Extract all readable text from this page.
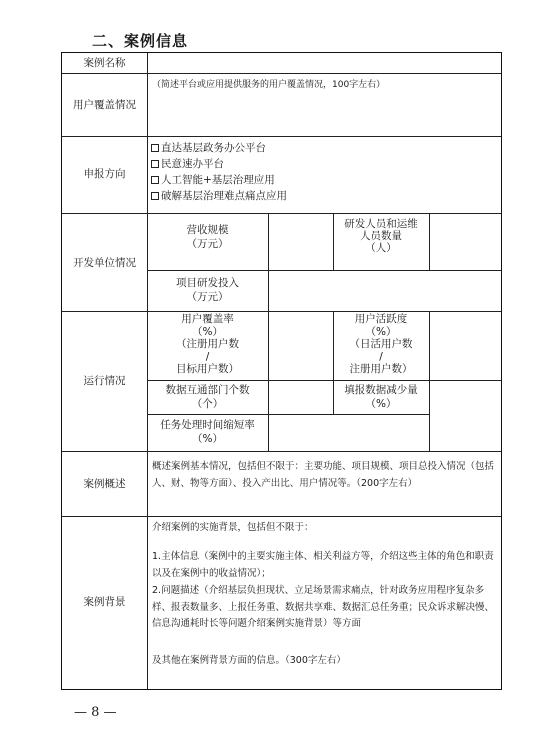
二、案例信息
案例名称
用户覆盖情况
（简述平台或应用提供服务的用户覆盖情况，100字左右）
申报方向
直达基层政务办公平台
民意速办平台
人工智能+基层治理应用
破解基层治理难点痛点应用
开发单位情况
营收规模
（万元）
研发人员和运维
人员数量
（人）
项目研发投入
（万元）
运行情况
用户覆盖率
（%）
（注册用户数
/
目标用户数）
用户活跃度
（%）
（日活用户数
/
注册用户数）
数据互通部门个数
（个）
填报数据减少量
（%）
任务处理时间缩短率
（%）
案例概述
概述案例基本情况，包括但不限于：主要功能、项目规模、项目总投入情况（包括人、财、物等方面）、投入产出比、用户情况等。（200字左右）
案例背景
介绍案例的实施背景，包括但不限于：
1.主体信息（案例中的主要实施主体、相关利益方等，介绍这些主体的角色和职责以及在案例中的收益情况）；
2.问题描述（介绍基层负担现状、立足场景需求痛点，针对政务应用程序复杂多样、报表数量多、上报任务重、数据共享难、数据汇总任务重；民众诉求解决慢、信息沟通耗时长等问题介绍案例实施背景）等方面
及其他在案例背景方面的信息。（300字左右）
— 8 —
